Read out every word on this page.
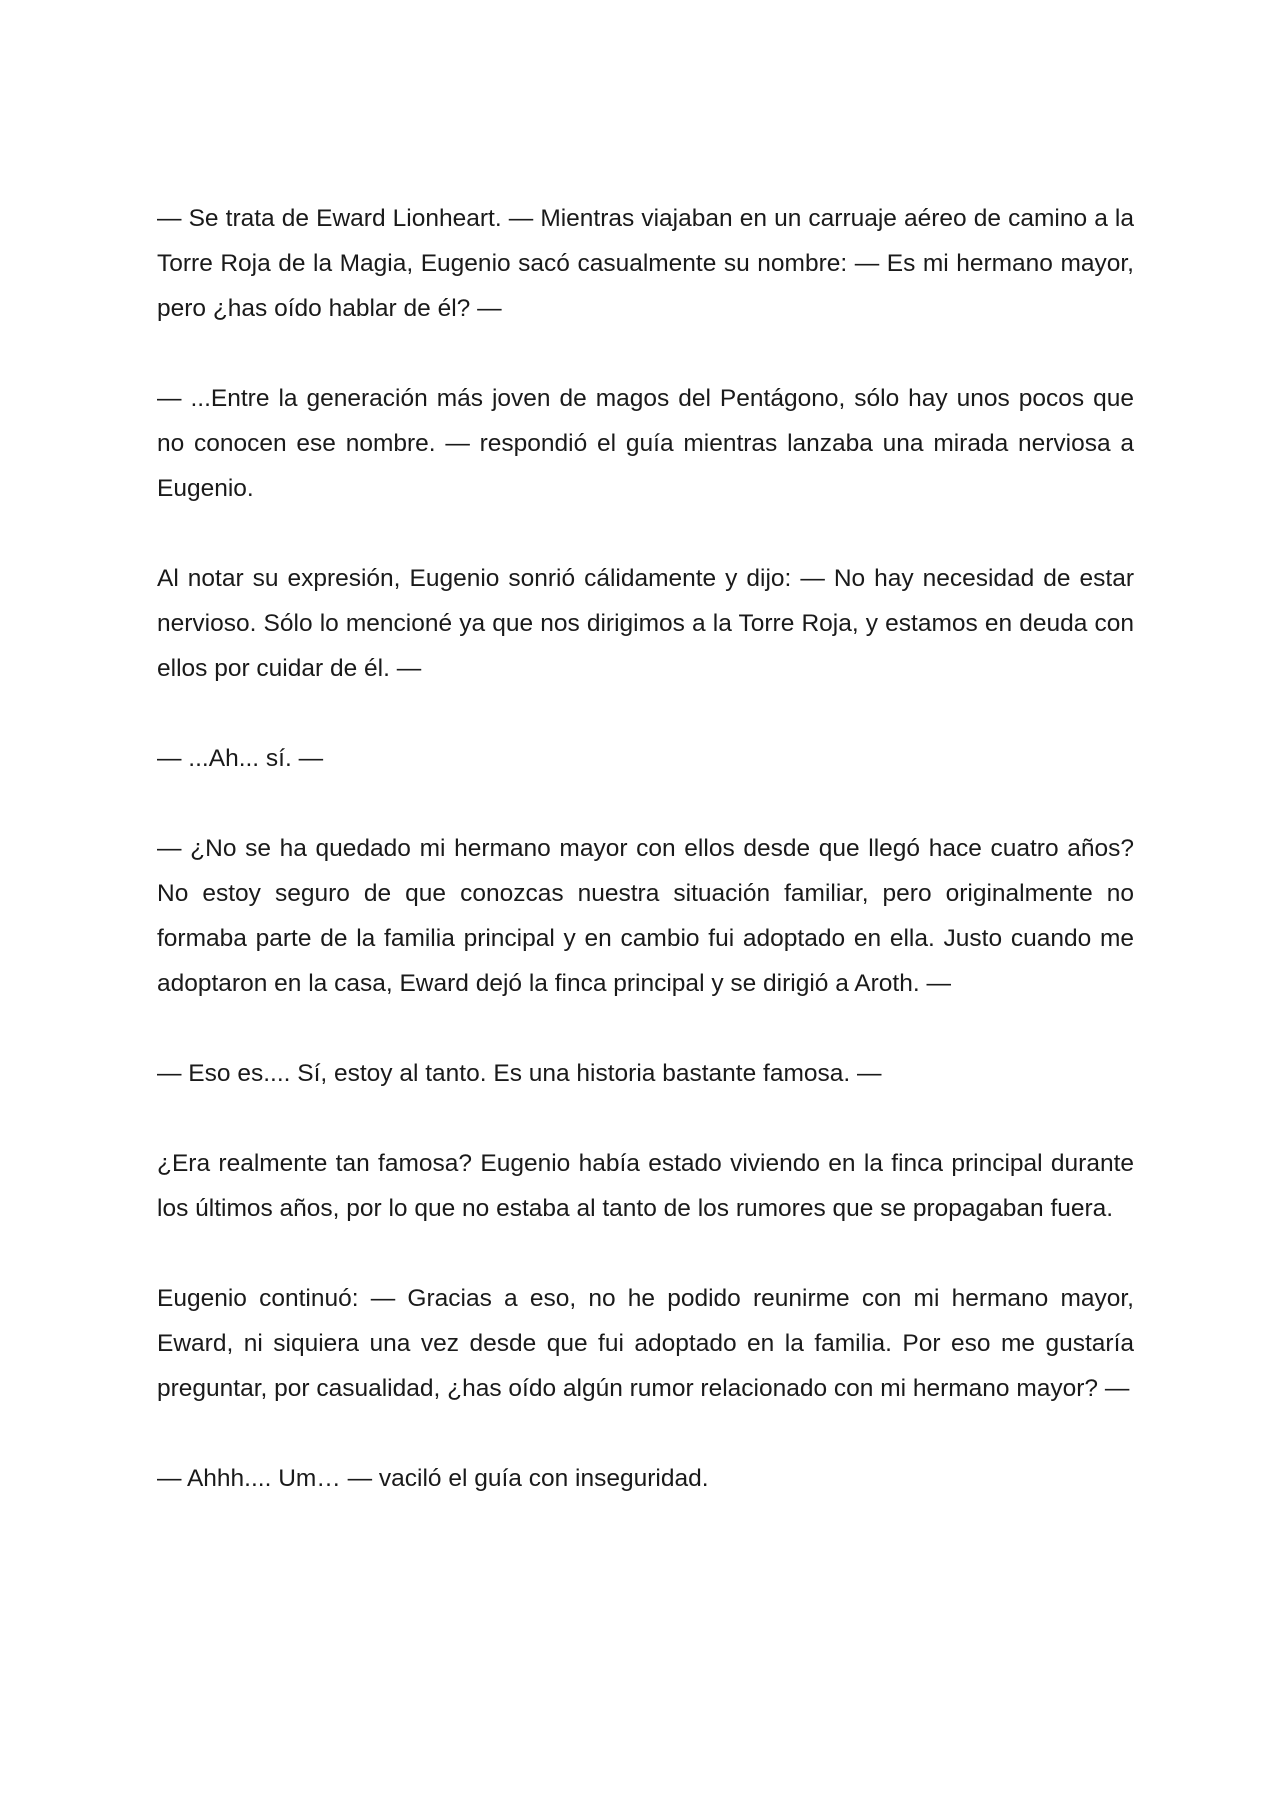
— Se trata de Eward Lionheart. — Mientras viajaban en un carruaje aéreo de camino a la Torre Roja de la Magia, Eugenio sacó casualmente su nombre: — Es mi hermano mayor, pero ¿has oído hablar de él? —

— ...Entre la generación más joven de magos del Pentágono, sólo hay unos pocos que no conocen ese nombre. — respondió el guía mientras lanzaba una mirada nerviosa a Eugenio.

Al notar su expresión, Eugenio sonrió cálidamente y dijo: — No hay necesidad de estar nervioso. Sólo lo mencioné ya que nos dirigimos a la Torre Roja, y estamos en deuda con ellos por cuidar de él. —

— ...Ah... sí. —

— ¿No se ha quedado mi hermano mayor con ellos desde que llegó hace cuatro años? No estoy seguro de que conozcas nuestra situación familiar, pero originalmente no formaba parte de la familia principal y en cambio fui adoptado en ella. Justo cuando me adoptaron en la casa, Eward dejó la finca principal y se dirigió a Aroth. —

— Eso es.... Sí, estoy al tanto. Es una historia bastante famosa. —

¿Era realmente tan famosa? Eugenio había estado viviendo en la finca principal durante los últimos años, por lo que no estaba al tanto de los rumores que se propagaban fuera.

Eugenio continuó: — Gracias a eso, no he podido reunirme con mi hermano mayor, Eward, ni siquiera una vez desde que fui adoptado en la familia. Por eso me gustaría preguntar, por casualidad, ¿has oído algún rumor relacionado con mi hermano mayor? —

— Ahhh.... Um… — vaciló el guía con inseguridad.
